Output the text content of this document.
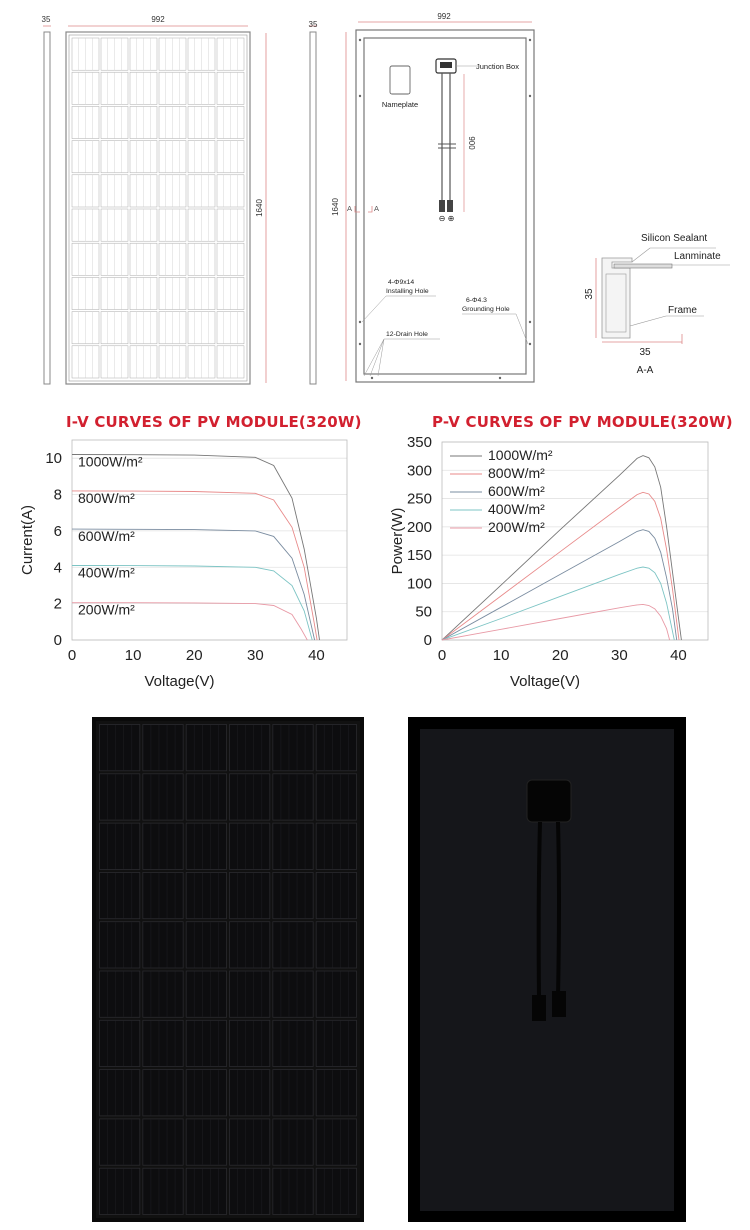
35	992
1640
35
992
1640
Nameplate
Junction Box
⊖ ⊕
900
A	A
4-Φ9x14
Installing Hole
6-Φ4.3
Grounding Hole
12-Drain Hole
Silicon Sealant
Lanminate
Frame
35
35
A-A
I-V CURVES OF PV MODULE(320W)
0
2
4
6
8
10
0	10	20	30	40
Voltage(V)
Current(A)
1000W/m²
800W/m²
600W/m²
400W/m²
200W/m²
P-V CURVES OF PV MODULE(320W)
0
50
100
150
200
250
300
350
0	10	20	30	40
Voltage(V)
Power(W)
1000W/m²
800W/m²
600W/m²
400W/m²
200W/m²
